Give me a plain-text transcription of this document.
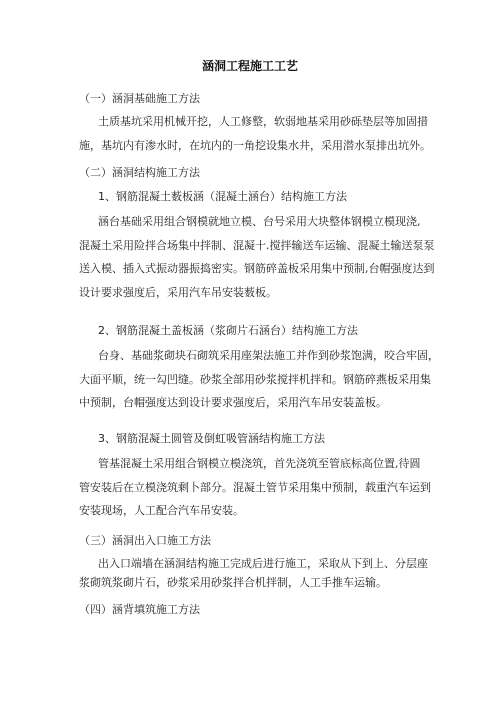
涵洞工程施工工艺
（一）涵洞基础施工方法
土质基坑采用机械开挖，人工修整，软弱地基采用砂砾垫层等加固措
施，基坑内有渗水时，在坑内的一角挖设集水井，采用潜水泵排出坑外。
（二）涵洞结构施工方法
1、钢筋混凝土薮板涵（混凝土涵台）结构施工方法
涵台基础采用组合钢模就地立模、台号采用大块整体钢模立模现浇,
混凝土采用险拌合场集中拌制、混凝十.搅拌输送车运输、混凝土输送泵泵
送入模、插入式振动器振捣密实。钢筋碎盖板采用集中预制,台帽强度达到
设计要求强度后，采用汽车吊安装薮板。
2、钢筋混凝土盖板涵（浆砌片石涵台）结构施工方法
台身、基础浆砌块石砌筑采用座架法施工并作到砂浆饱满，咬合牢固，
大面平顺，统一勾凹缝。砂浆全部用砂浆搅拌机拌和。钢筋碎燕板采用集
中预制，台帽强度达到设计要求强度后，采用汽车吊安装盖板。
3、钢筋混凝土圆管及倒虹吸管涵结构施工方法
管基混凝土采用组合钢模立模浇筑，首先浇筑至管底标高位置,待圆
管安装后在立模浇筑剩卜部分。混凝土管节采用集中预制，载重汽车运到
安装现场，人工配合汽车吊安装。
（三）涵洞出入口施工方法
出入口端墙在涵洞结构施工完成后进行施工，采取从下到上、分层座
浆砌筑浆砌片石，砂浆采用砂浆拌合机拌制，人工手推车运输。
（四）涵背填筑施工方法
